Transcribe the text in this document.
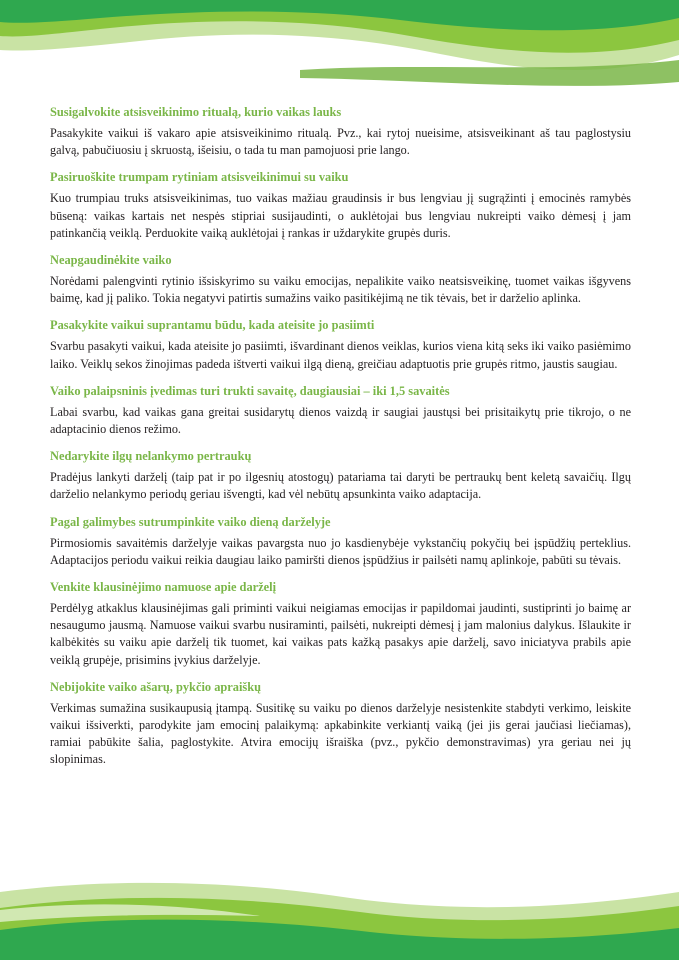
Susigalvokite atsisveikinimo ritualą, kurio vaikas lauks

Pasakykite vaikui iš vakaro apie atsisveikinimo ritualą. Pvz., kai rytoj nueisime, atsisveikinant aš tau paglostysiu galvą, pabučiuosiu į skruostą, išeisiu, o tada tu man pamojuosi prie lango.

Pasiruoškite trumpam rytiniam atsisveikinimui su vaiku

Kuo trumpiau truks atsisveikinimas, tuo vaikas mažiau graudinsis ir bus lengviau jį sugrąžinti į emocinės ramybės būseną: vaikas kartais net nespės stipriai susijaudinti, o auklėtojai bus lengviau nukreipti vaiko dėmesį į jam patinkančią veiklą. Perduokite vaiką auklėtojai į rankas ir uždarykite grupės duris.

Neapgaudinėkite vaiko

Norėdami palengvinti rytinio išsiskyrimo su vaiku emocijas, nepalikite vaiko neatsisveikinę, tuomet vaikas išgyvens baimę, kad jį paliko. Tokia negatyvi patirtis sumažins vaiko pasitikėjimą ne tik tėvais, bet ir darželio aplinka.

Pasakykite vaikui suprantamu būdu, kada ateisite jo pasiimti

Svarbu pasakyti vaikui, kada ateisite jo pasiimti, išvardinant dienos veiklas, kurios viena kitą seks iki vaiko pasiėmimo laiko. Veiklų sekos žinojimas padeda ištverti vaikui ilgą dieną, greičiau adaptuotis prie grupės ritmo, jaustis saugiau.

Vaiko palaipsninis įvedimas turi trukti savaitę, daugiausiai – iki 1,5 savaitės

Labai svarbu, kad vaikas gana greitai susidarytų dienos vaizdą ir saugiai jaustųsi bei prisitaikytų prie tikrojo, o ne adaptacinio dienos režimo.

Nedarykite ilgų nelankymo pertraukų

Pradėjus lankyti darželį (taip pat ir po ilgesnių atostogų) patariama tai daryti be pertraukų bent keletą savaičių. Ilgų darželio nelankymo periodų geriau išvengti, kad vėl nebūtų apsunkinta vaiko adaptacija.

Pagal galimybes sutrumpinkite vaiko dieną darželyje

Pirmosiomis savaitėmis darželyje vaikas pavargsta nuo jo kasdienybėje vykstančių pokyčių bei įspūdžių perteklius. Adaptacijos periodu vaikui reikia daugiau laiko pamiršti dienos įspūdžius ir pailsėti namų aplinkoje, pabūti su tėvais.

Venkite klausinėjimo namuose apie darželį

Perdėlyg atkaklus klausinėjimas gali priminti vaikui neigiamas emocijas ir papildomai jaudinti, sustiprinti jo baimę ar nesaugumo jausmą. Namuose vaikui svarbu nusiraminti, pailsėti, nukreipti dėmesį į jam malonius dalykus. Išlaukite ir kalbėkitės su vaiku apie darželį tik tuomet, kai vaikas pats kažką pasakys apie darželį, savo iniciatyva prabils apie veiklą grupėje, prisimins įvykius darželyje.

Nebijokite vaiko ašarų, pykčio apraiškų

Verkimas sumažina susikaupusią įtampą. Susitikę su vaiku po dienos darželyje nesistenkite stabdyti verkimo, leiskite vaikui išsiverkti, parodykite jam emocinį palaikymą: apkabinkite verkiantį vaiką (jei jis gerai jaučiasi liečiamas), ramiai pabūkite šalia, paglostykite. Atvira emocijų išraiška (pvz., pykčio demonstravimas) yra geriau nei jų slopinimas.
